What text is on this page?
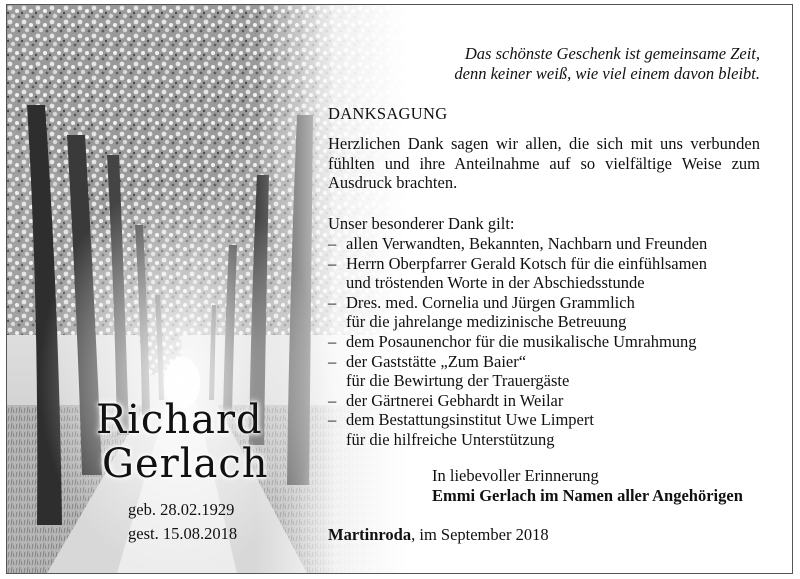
Richard
Gerlach
geb. 28.02.1929
gest. 15.08.2018
Das schönste Geschenk ist gemeinsame Zeit,
denn keiner weiß, wie viel einem davon bleibt.
DANKSAGUNG
Herzlichen Dank sagen wir allen, die sich mit uns verbunden fühlten und ihre Anteilnahme auf so vielfältige Weise zum Ausdruck brachten.
Unser besonderer Dank gilt:
– allen Verwandten, Bekannten, Nachbarn und Freunden
– Herrn Oberpfarrer Gerald Kotsch für die einfühlsamen
und tröstenden Worte in der Abschiedsstunde
– Dres. med. Cornelia und Jürgen Grammlich
für die jahrelange medizinische Betreuung
– dem Posaunenchor für die musikalische Umrahmung
– der Gaststätte „Zum Baier“
für die Bewirtung der Trauergäste
– der Gärtnerei Gebhardt in Weilar
– dem Bestattungsinstitut Uwe Limpert
für die hilfreiche Unterstützung
In liebevoller Erinnerung
Emmi Gerlach im Namen aller Angehörigen
Martinroda, im September 2018
